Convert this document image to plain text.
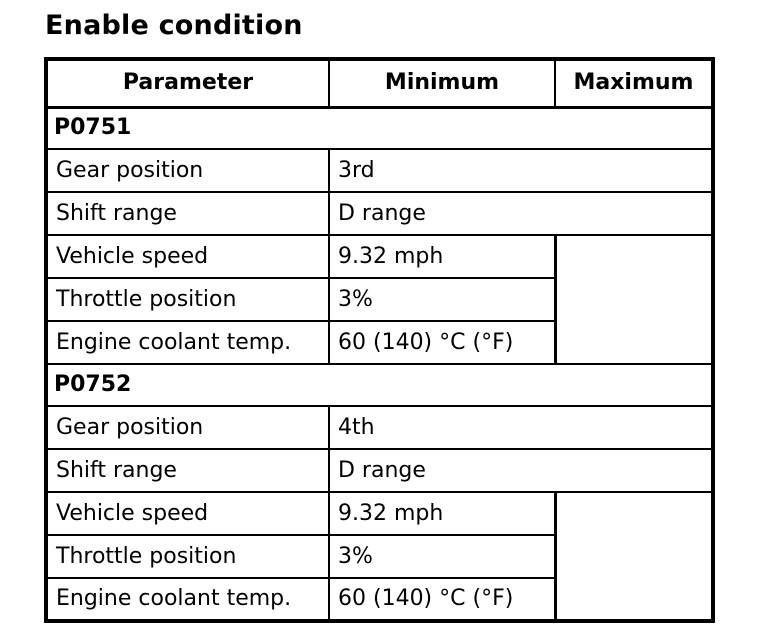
Enable condition
Parameter	Minimum	Maximum
P0751		
Gear position	3rd	
Shift range	D range	
Vehicle speed	9.32 mph	
Throttle position	3%	
Engine coolant temp.	60 (140) °C (°F)	
P0752		
Gear position	4th	
Shift range	D range	
Vehicle speed	9.32 mph	
Throttle position	3%	
Engine coolant temp.	60 (140) °C (°F)	
